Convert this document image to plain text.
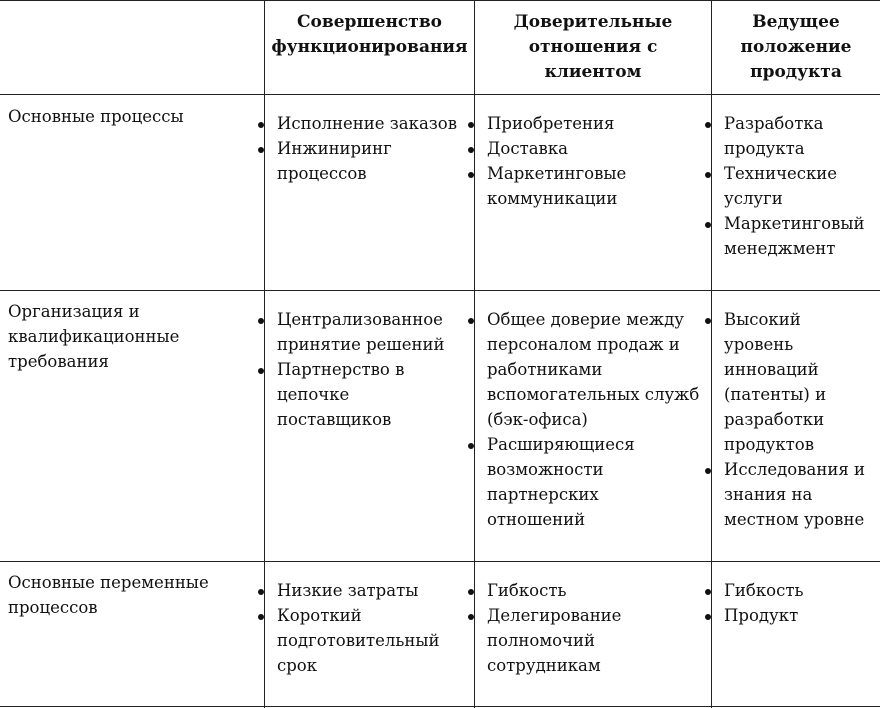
Совершенство функционирования
Доверительные отношения с клиентом
Ведущее положение продукта
Основные процессы	Исполнение заказов
Инжиниринг процессов
Приобретения
Доставка
Маркетинговые коммуникации
Разработка продукта
Технические услуги
Маркетинговый менеджмент
Организация и квалификационные требования
Централизованное принятие решений
Партнерство в цепочке поставщиков
Общее доверие между персоналом продаж и работниками вспомогательных служб (бэк-офиса)
Расширяющиеся возможности партнерских отношений
Высокий уровень инноваций (патенты) и разработки продуктов
Исследования и знания на местном уровне
Основные переменные процессов
Низкие затраты
Короткий подготовительный срок
Гибкость
Делегирование полномочий сотрудникам
Гибкость
Продукт
